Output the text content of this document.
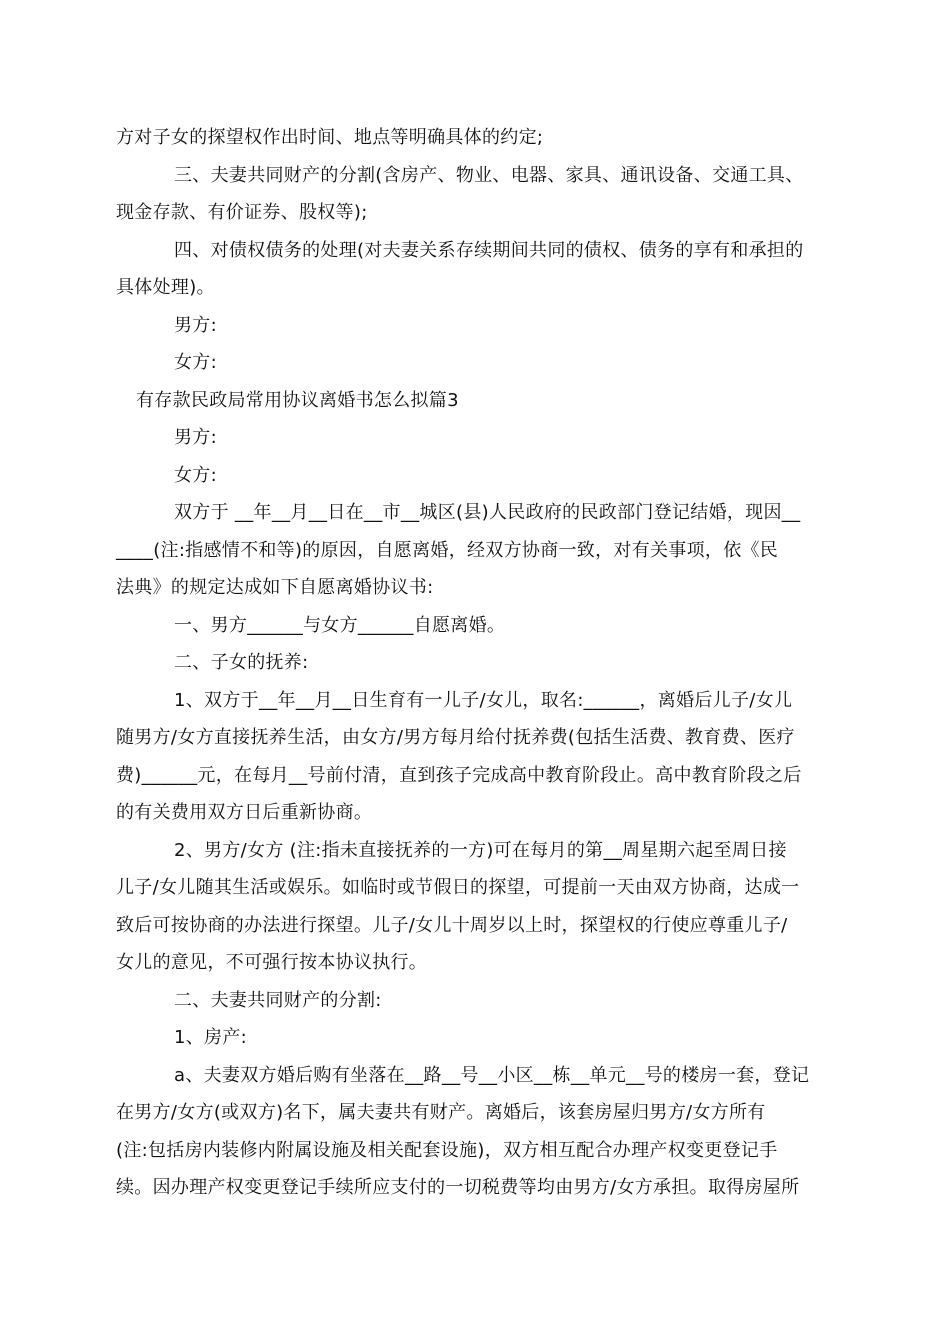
方对子女的探望权作出时间、地点等明确具体的约定;
三、夫妻共同财产的分割(含房产、物业、电器、家具、通讯设备、交通工具、
现金存款、有价证券、股权等);
四、对债权债务的处理(对夫妻关系存续期间共同的债权、债务的享有和承担的
具体处理)。
男方:
女方:
有存款民政局常用协议离婚书怎么拟篇3
男方:
女方:
双方于 __年__月__日在__市__城区(县)人民政府的民政部门登记结婚，现因__
____(注:指感情不和等)的原因，自愿离婚，经双方协商一致，对有关事项，依《民
法典》的规定达成如下自愿离婚协议书:
一、男方______与女方______自愿离婚。
二、子女的抚养:
1、双方于__年__月__日生育有一儿子/女儿，取名:______，离婚后儿子/女儿
随男方/女方直接抚养生活，由女方/男方每月给付抚养费(包括生活费、教育费、医疗
费)______元，在每月__号前付清，直到孩子完成高中教育阶段止。高中教育阶段之后
的有关费用双方日后重新协商。
2、男方/女方 (注:指未直接抚养的一方)可在每月的第__周星期六起至周日接
儿子/女儿随其生活或娱乐。如临时或节假日的探望，可提前一天由双方协商，达成一
致后可按协商的办法进行探望。儿子/女儿十周岁以上时，探望权的行使应尊重儿子/
女儿的意见，不可强行按本协议执行。
二、夫妻共同财产的分割:
1、房产:
a、夫妻双方婚后购有坐落在__路__号__小区__栋__单元__号的楼房一套，登记
在男方/女方(或双方)名下，属夫妻共有财产。离婚后，该套房屋归男方/女方所有
(注:包括房内装修内附属设施及相关配套设施)，双方相互配合办理产权变更登记手
续。因办理产权变更登记手续所应支付的一切税费等均由男方/女方承担。取得房屋所
